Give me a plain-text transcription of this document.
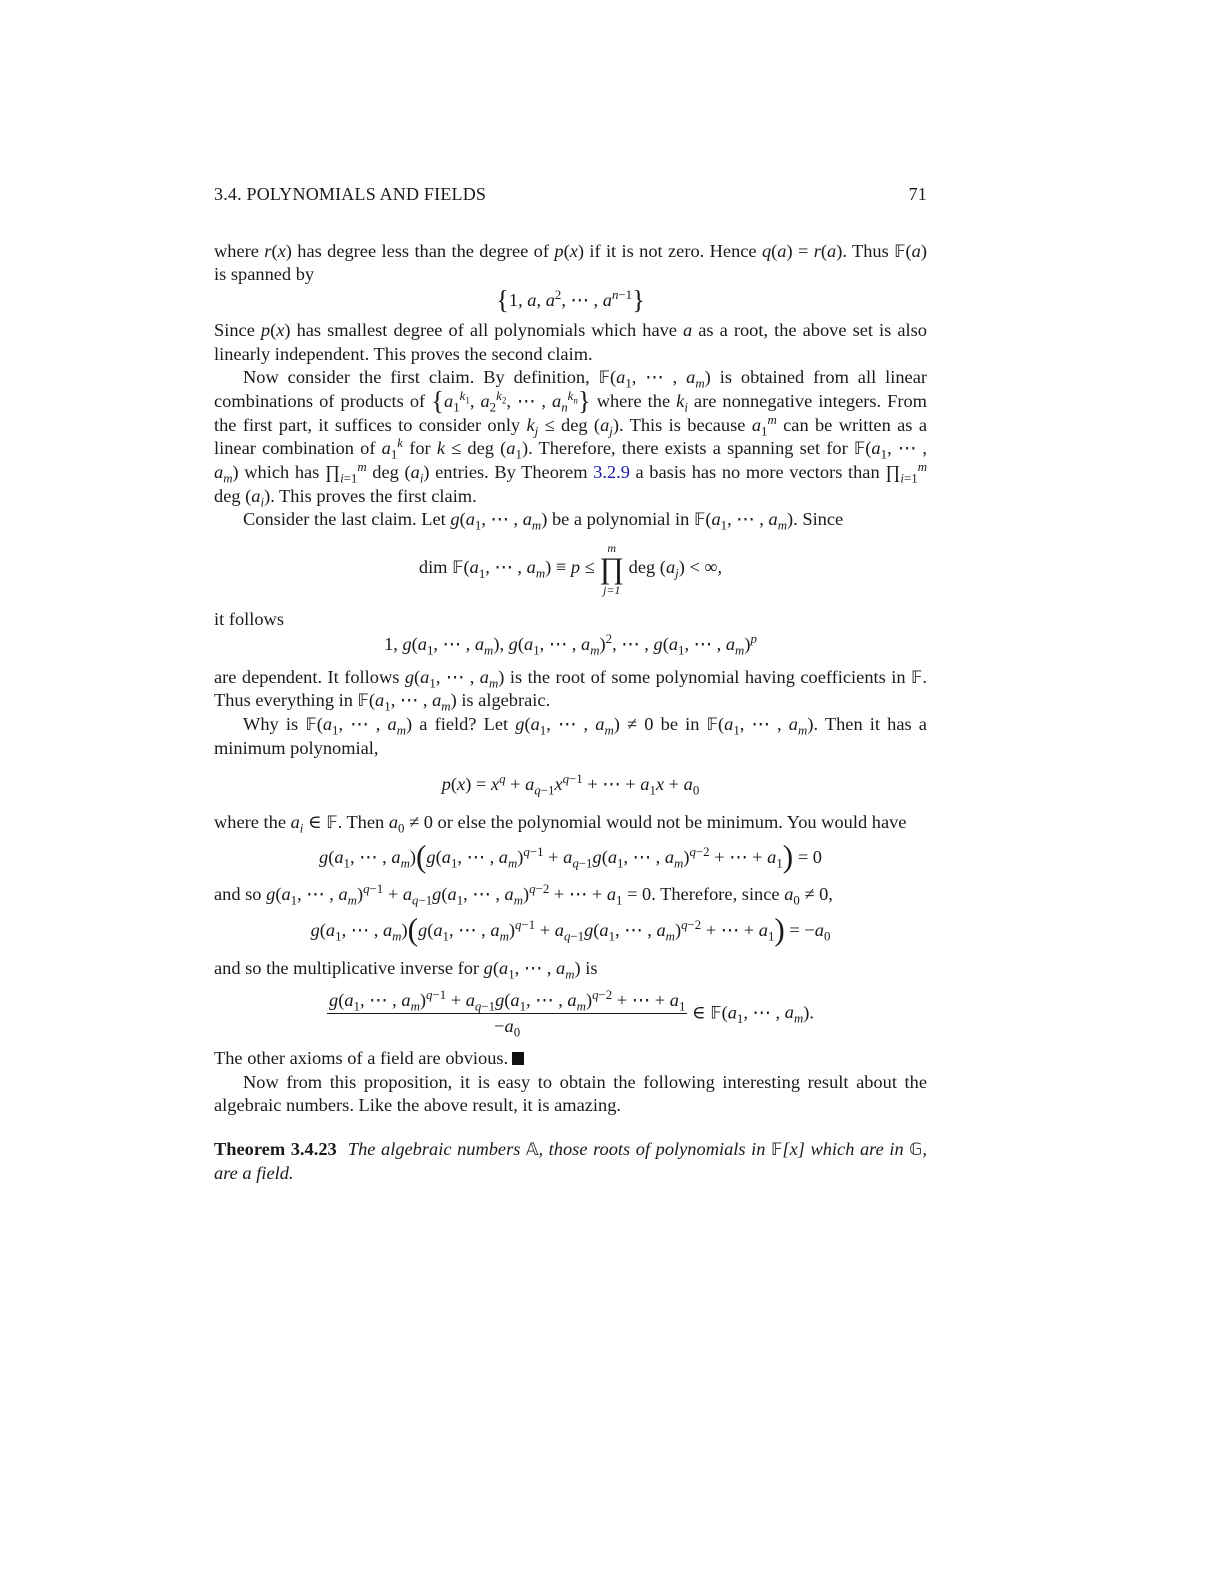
3.4. POLYNOMIALS AND FIELDS	71

where r(x) has degree less than the degree of p(x) if it is not zero. Hence q(a) = r(a). Thus 𝔽(a) is spanned by

{1, a, $a^2$, ⋯ , $a^{n-1}$}

Since p(x) has smallest degree of all polynomials which have a as a root, the above set is also linearly independent. This proves the second claim.

Now consider the first claim. By definition, $𝔽(a_1$, ⋯ , $a_m$) is obtained from all linear combinations of products of {$a_1^{k_1}$, $a_2^{k_2}$, ⋯ , $a_n^{k_n}$} where the $k_i$ are nonnegative integers. From the first part, it suffices to consider only $k_j$ ≤ deg $(a_j)$. This is because $a_1^m$ can be written as a linear combination of $a_1^k$ for k ≤ deg $(a_1)$. Therefore, there exists a spanning set for $𝔽(a_1$, ⋯ , $a_m$) which has $\prod_{i=1}^m$ deg $(a_i)$ entries. By Theorem 3.2.9 a basis has no more vectors than $\prod_{i=1}^m$ deg $(a_i)$. This proves the first claim.

Consider the last claim. Let $g(a_1$, ⋯ , $a_m$) be a polynomial in $𝔽(a_1$, ⋯ , $a_m$). Since

dim $𝔽(a_1$, ⋯ , $a_m) \equiv p$ ≤
m
∏
j=1
deg $(a_j)$ < ∞,

it follows

1, $g(a_1$, ⋯ , $a_m$), $g(a_1$, ⋯ , $a_m)^2$, ⋯ , $g(a_1$, ⋯ , $a_m)^p$

are dependent. It follows $g(a_1$, ⋯ , $a_m$) is the root of some polynomial having coefficients in 𝔽. Thus everything in $𝔽(a_1$, ⋯ , $a_m$) is algebraic.

Why is $𝔽(a_1$, ⋯ , $a_m$) a field? Let $g(a_1$, ⋯ , $a_m) \ne 0$ be in $𝔽(a_1$, ⋯ , $a_m$). Then it has a minimum polynomial,

$p(x) = x^q + a_{q-1}x^{q-1}$ + ⋯ + $a_1x + a_0$

where the $a_i$ ∈ 𝔽. Then $a_0 \ne 0$ or else the polynomial would not be minimum. You would have

$g(a_1$, ⋯ , $a_m)(g(a_1$, ⋯ , $a_m)^{q-1} + a_{q-1}g(a_1$, ⋯ , $a_m)^{q-2}$ + ⋯ + $a_1) = 0$

and so $g(a_1$, ⋯ , $a_m)^{q-1} + a_{q-1}g(a_1$, ⋯ , $a_m)^{q-2}$ + ⋯ + $a_1 = 0$. Therefore, since $a_0 \ne 0$,

$g(a_1$, ⋯ , $a_m)(g(a_1$, ⋯ , $a_m)^{q-1} + a_{q-1}g(a_1$, ⋯ , $a_m)^{q-2}$ + ⋯ + $a_1) = -a_0$

and so the multiplicative inverse for $g(a_1$, ⋯ , $a_m$) is

$\frac{g(a_1, \cdots , a_m)^{q-1} + a_{q-1}g(a_1, \cdots , a_m)^{q-2} + \cdots + a_1}{-a_0}$ ∈ $𝔽(a_1$, ⋯ , $a_m$).

The other axioms of a field are obvious.

Now from this proposition, it is easy to obtain the following interesting result about the algebraic numbers. Like the above result, it is amazing.

Theorem 3.4.23 The algebraic numbers 𝔸, those roots of polynomials in 𝔽[x] which are in 𝔾, are a field.
